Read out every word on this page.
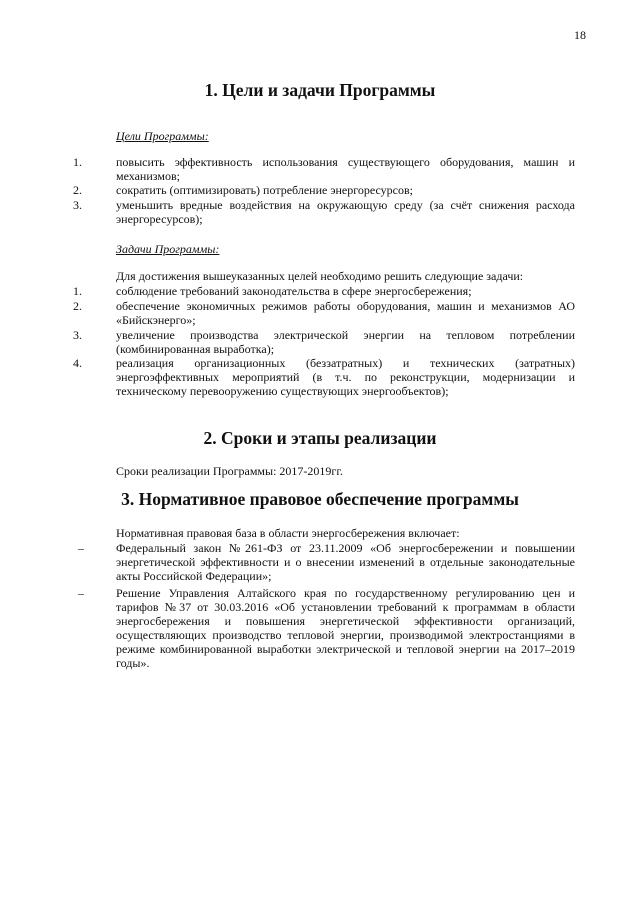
18
1. Цели и задачи Программы
Цели Программы:
1.	повысить эффективность использования существующего оборудования, машин и механизмов;
2.	сократить (оптимизировать) потребление энергоресурсов;
3.	уменьшить вредные воздействия на окружающую среду (за счёт снижения расхода энергоресурсов);
Задачи Программы:
Для достижения вышеуказанных целей необходимо решить следующие задачи:
1.	соблюдение требований законодательства в сфере энергосбережения;
2.	обеспечение экономичных режимов работы оборудования, машин и механизмов АО «Бийскэнерго»;
3.	увеличение производства электрической энергии на тепловом потреблении (комбинированная выработка);
4.	реализация организационных (беззатратных) и технических (затратных) энергоэффективных мероприятий (в т.ч. по реконструкции, модернизации и техническому перевооружению существующих энергообъектов);
2. Сроки и этапы реализации
Сроки реализации Программы: 2017-2019гг.
3. Нормативное правовое обеспечение программы
Нормативная правовая база в области энергосбережения включает:
–	Федеральный закон №261-ФЗ от 23.11.2009 «Об энергосбережении и повышении энергетической эффективности и о внесении изменений в отдельные законодательные акты Российской Федерации»;
–	Решение Управления Алтайского края по государственному регулированию цен и тарифов №37 от 30.03.2016 «Об установлении требований к программам в области энергосбережения и повышения энергетической эффективности организаций, осуществляющих производство тепловой энергии, производимой электростанциями в режиме комбинированной выработки электрической и тепловой энергии на 2017–2019 годы».
